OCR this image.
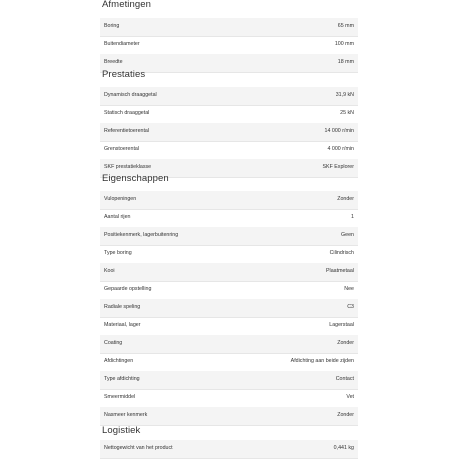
Afmetingen
Boring	65 mm
Buitendiameter	100 mm
Breedte	18 mm
Prestaties
Dynamisch draaggetal	31,9 kN
Statisch draaggetal	25 kN
Referentietoerental	14 000 r/min
Grenstoerental	4 000 r/min
SKF prestatieklasse	SKF Explorer
Eigenschappen
Vulopeningen	Zonder
Aantal rijen	1
Positiekenmerk, lagerbuitenring	Geen
Type boring	Cilindrisch
Kooi	Plaatmetaal
Gepaarde opstelling	Nee
Radiale speling	C3
Materiaal, lager	Lagerstaal
Coating	Zonder
Afdichtingen	Afdichting aan beide zijden
Type afdichting	Contact
Smeermiddel	Vet
Nasmeer kenmerk	Zonder
Logistiek
Nettogewicht van het product	0,441 kg
